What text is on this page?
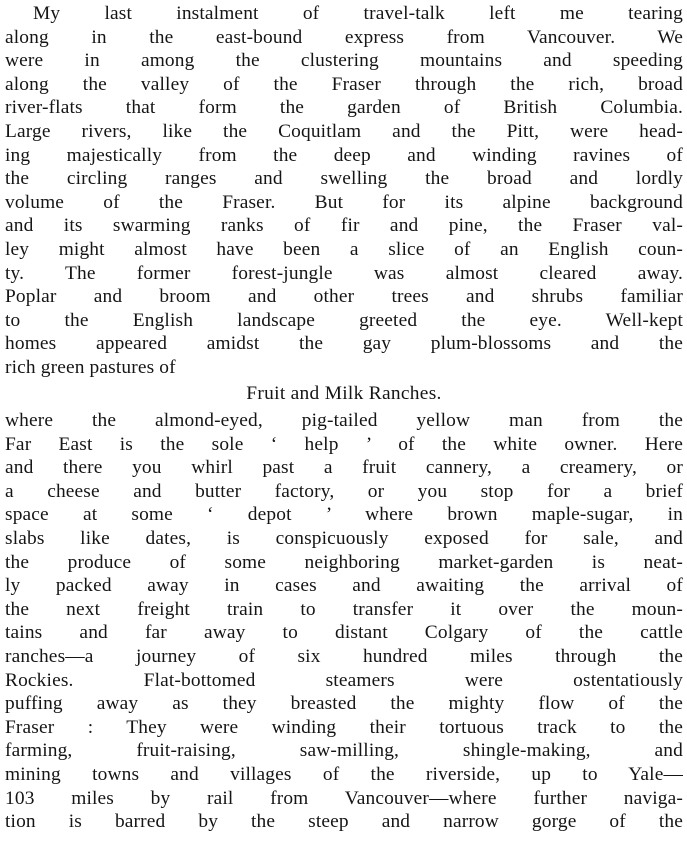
My last instalment of travel-talk left me tearing
along in the east-bound express from Vancouver. We
were in among the clustering mountains and speeding
along the valley of the Fraser through the rich, broad
river-flats that form the garden of British Columbia.
Large rivers, like the Coquitlam and the Pitt, were head-
ing majestically from the deep and winding ravines of
the circling ranges and swelling the broad and lordly
volume of the Fraser. But for its alpine background
and its swarming ranks of fir and pine, the Fraser val-
ley might almost have been a slice of an English coun-
ty. The former forest-jungle was almost cleared away.
Poplar and broom and other trees and shrubs familiar
to the English landscape greeted the eye. Well-kept
homes appeared amidst the gay plum-blossoms and the
rich green pastures of

Fruit and Milk Ranches.

where the almond-eyed, pig-tailed yellow man from the
Far East is the sole ‘ help ’ of the white owner. Here
and there you whirl past a fruit cannery, a creamery, or
a cheese and butter factory, or you stop for a brief
space at some ‘ depot ’ where brown maple-sugar, in
slabs like dates, is conspicuously exposed for sale, and
the produce of some neighboring market-garden is neat-
ly packed away in cases and awaiting the arrival of
the next freight train to transfer it over the moun-
tains and far away to distant Colgary of the cattle
ranches—a journey of six hundred miles through the
Rockies. Flat-bottomed steamers were ostentatiously
puffing away as they breasted the mighty flow of the
Fraser : They were winding their tortuous track to the
farming, fruit-raising, saw-milling, shingle-making, and
mining towns and villages of the riverside, up to Yale—
103 miles by rail from Vancouver—where further naviga-
tion is barred by the steep and narrow gorge of the
